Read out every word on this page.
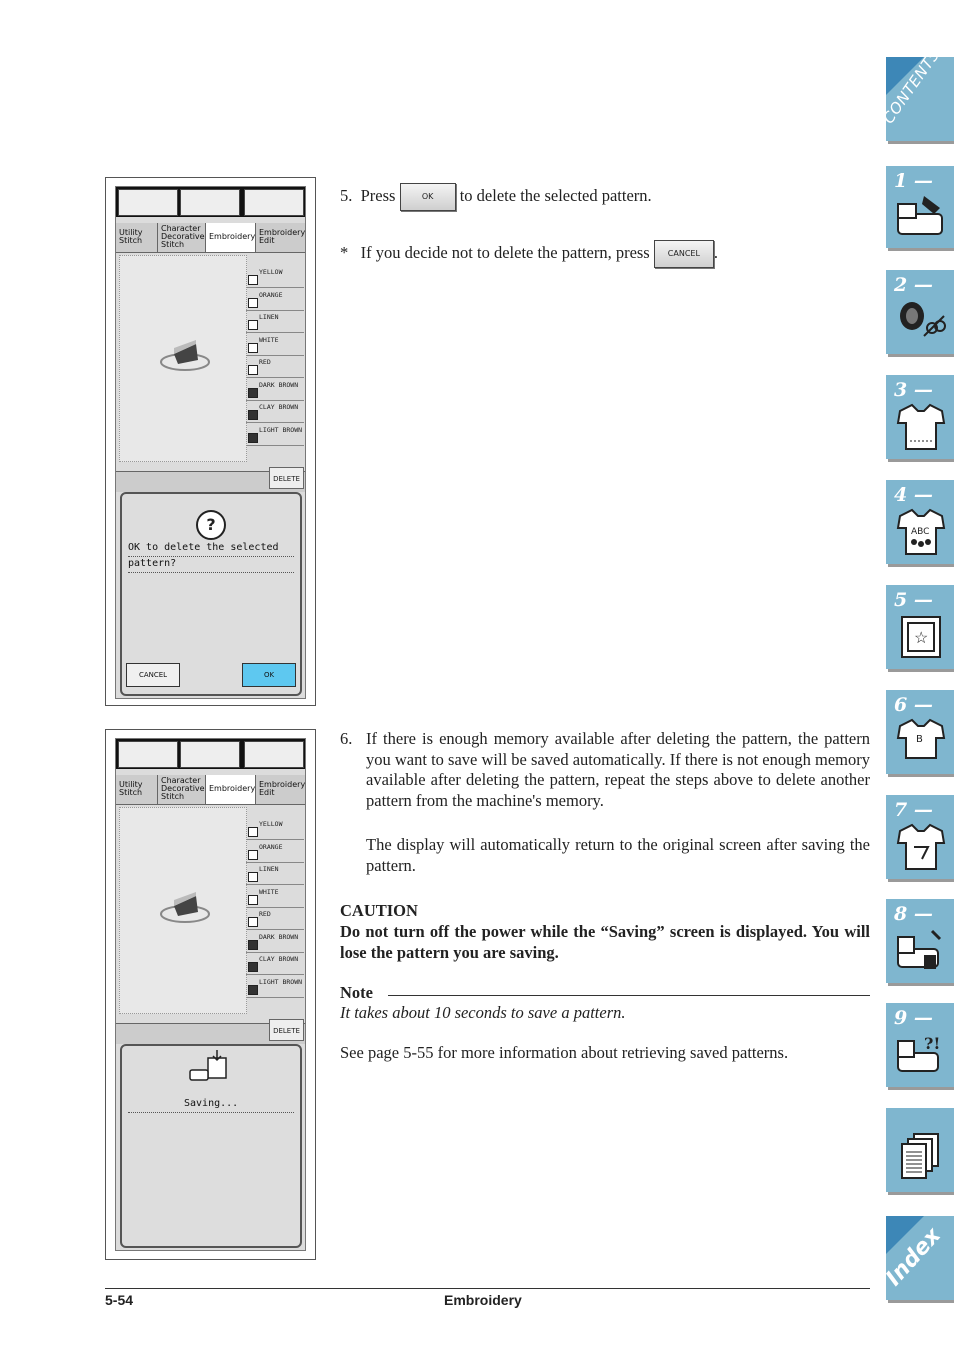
CONTENTS
1 —
2 —
3 —
4 —
ABC
5 —
☆
6 —
B
7 —
8 —
9 —
?!
Index
Utility
Stitch
Character
Decorative
Stitch
Embroidery Embroidery
Edit
YELLOW
ORANGE
LINEN
WHITE
RED
DARK BROWN
CLAY BROWN
LIGHT BROWN
DELETE
?
OK to delete the selected
pattern?
CANCEL	OK
Utility
Stitch
Character
Decorative
Stitch
Embroidery Embroidery
Edit
YELLOW
ORANGE
LINEN
WHITE
RED
DARK BROWN
CLAY BROWN
LIGHT BROWN
DELETE
Saving...
5. Press	OK to delete the selected pattern.
* If you decide not to delete the pattern, press CANCEL .
6. If there is enough memory available after deleting the pattern, the pattern you want to save will be saved automatically. If there is not enough memory available after deleting the pattern, repeat the steps above to delete another pattern from the machine's memory.
The display will automatically return to the original screen after saving the pattern.
CAUTION
Do not turn off the power while the “Saving” screen is displayed. You will lose the pattern you are saving.
Note
It takes about 10 seconds to save a pattern.
See page 5-55 for more information about retrieving saved patterns.
5-54	Embroidery
